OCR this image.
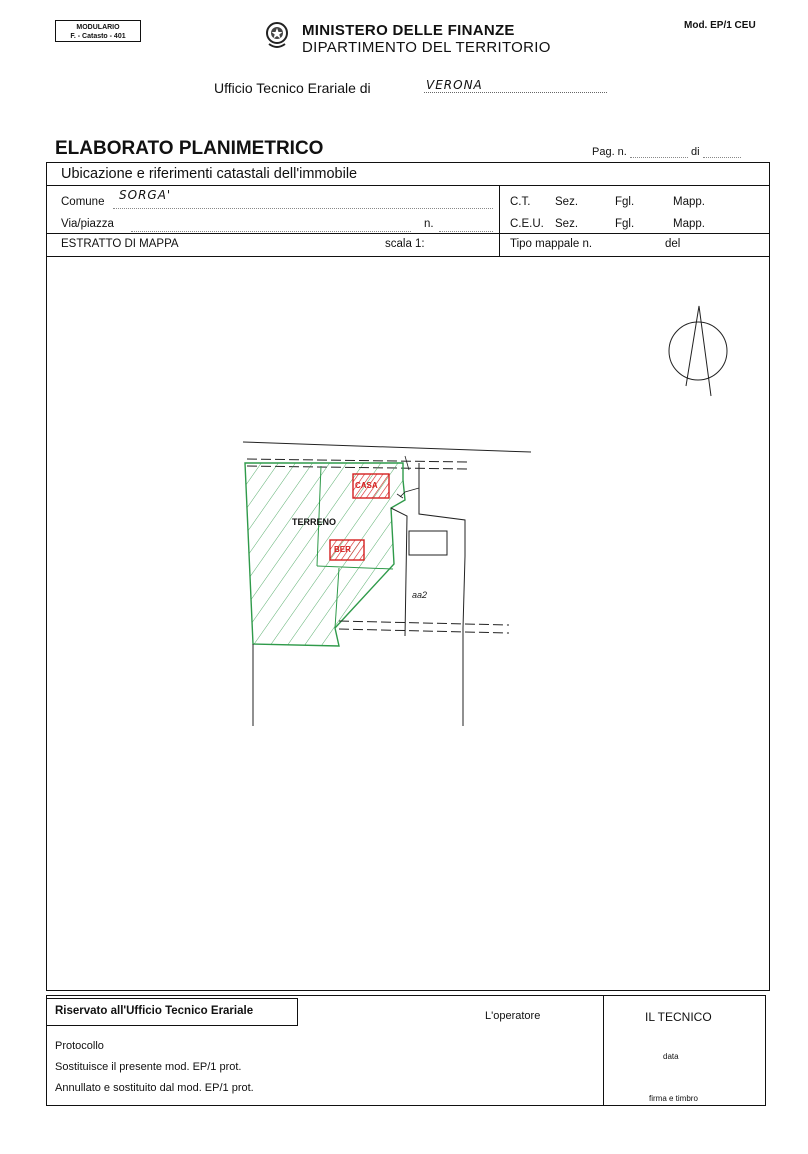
MODULARIO
F. - Catasto - 401	MINISTERO DELLE FINANZE
DIPARTIMENTO DEL TERRITORIO
Mod. EP/1 CEU
Ufficio Tecnico Erariale di	VERONA
ELABORATO PLANIMETRICO	Pag. n.	di
Ubicazione e riferimenti catastali dell'immobile
Comune SORGA'
Via/piazza	n.
ESTRATTO DI MAPPA	scala 1:
C.T. Sez.	Fgl.	Mapp.
C.E.U. Sez.	Fgl.	Mapp.
Tipo mappale n.	del
CASA
BER
TERRENO
aa2
L'operatore	IL TECNICO
Protocollo
Sostituisce il presente mod. EP/1 prot.
Annullato e sostituito dal mod. EP/1 prot.
data
firma e timbro
Riservato all'Ufficio Tecnico Erariale
